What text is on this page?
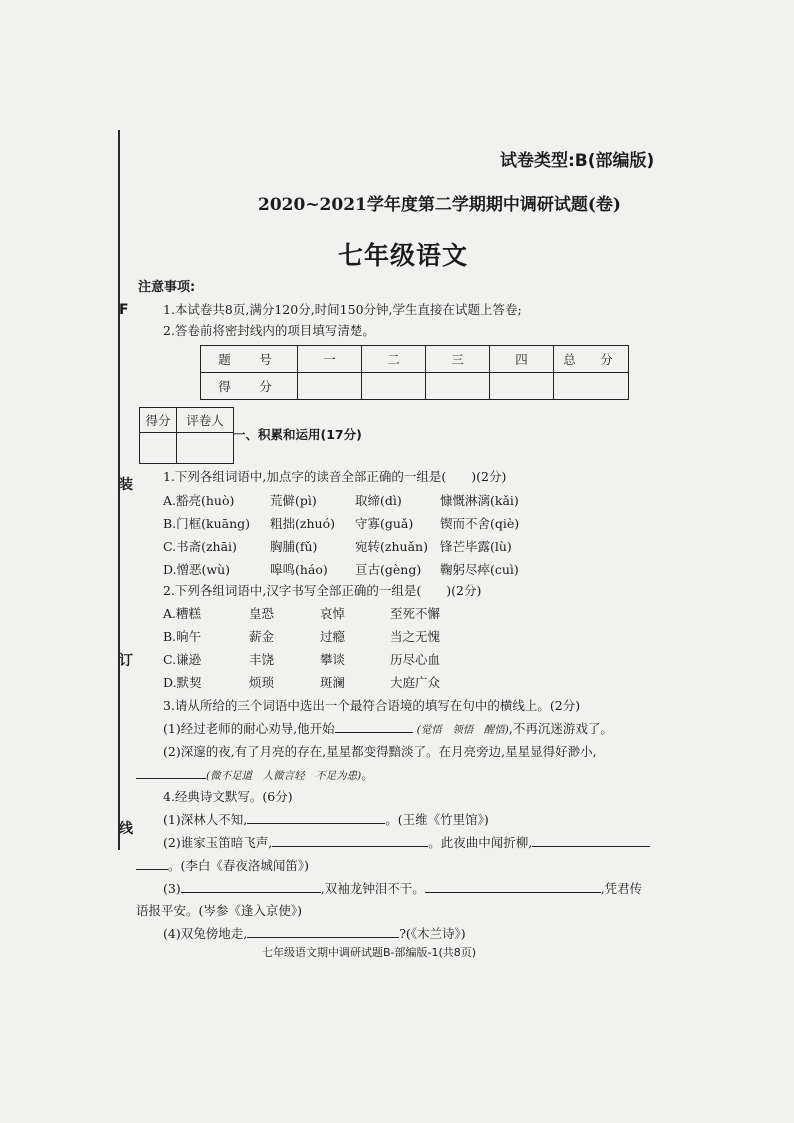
F
装
订
线
试卷类型:B(部编版)
2020~2021学年度第二学期期中调研试题(卷)
七年级语文
注意事项:
1.本试卷共8页,满分120分,时间150分钟,学生直接在试题上答卷;
2.答卷前将密封线内的项目填写清楚。
题　号	一	二	三	四	总　分
得　分					
得分	评卷人

一、积累和运用(17分)
1.下列各组词语中,加点字的读音全部正确的一组是(　　)(2分)
A.豁亮(huò)	荒僻(pì)	取缔(dì)	慷慨淋漓(kǎi)
B.门框(kuāng) 粗拙(zhuó) 守寡(guǎ) 锲而不舍(qiè)
C.书斋(zhāi)	胸脯(fǔ)	宛转(zhuǎn) 锋芒毕露(lù)
D.憎恶(wù)	嗥鸣(háo) 亘古(gèng) 鞠躬尽瘁(cuì)
2.下列各组词语中,汉字书写全部正确的一组是(　　)(2分)
A.糟糕	皇恐	哀悼	至死不懈
B.晌午	薪金	过瘾	当之无愧
C.谦逊	丰饶	攀谈	历尽心血
D.默契	烦琐	斑澜	大庭广众
3.请从所给的三个词语中选出一个最符合语境的填写在句中的横线上。(2分)
(1)经过老师的耐心劝导,他开始	(觉悟　领悟　醒悟),不再沉迷游戏了。
(2)深邃的夜,有了月亮的存在,星星都变得黯淡了。在月亮旁边,星星显得好渺小,
(微不足道　人微言轻　不足为患)。
4.经典诗文默写。(6分)
(1)深林人不知,	。(王维《竹里馆》)
(2)谁家玉笛暗飞声,	。此夜曲中闻折柳,
。(李白《春夜洛城闻笛》)
(3)	,双袖龙钟泪不干。	,凭君传
语报平安。(岑参《逢入京使》)
(4)双兔傍地走,	?(《木兰诗》)
七年级语文期中调研试题B-部编版-1(共8页)
